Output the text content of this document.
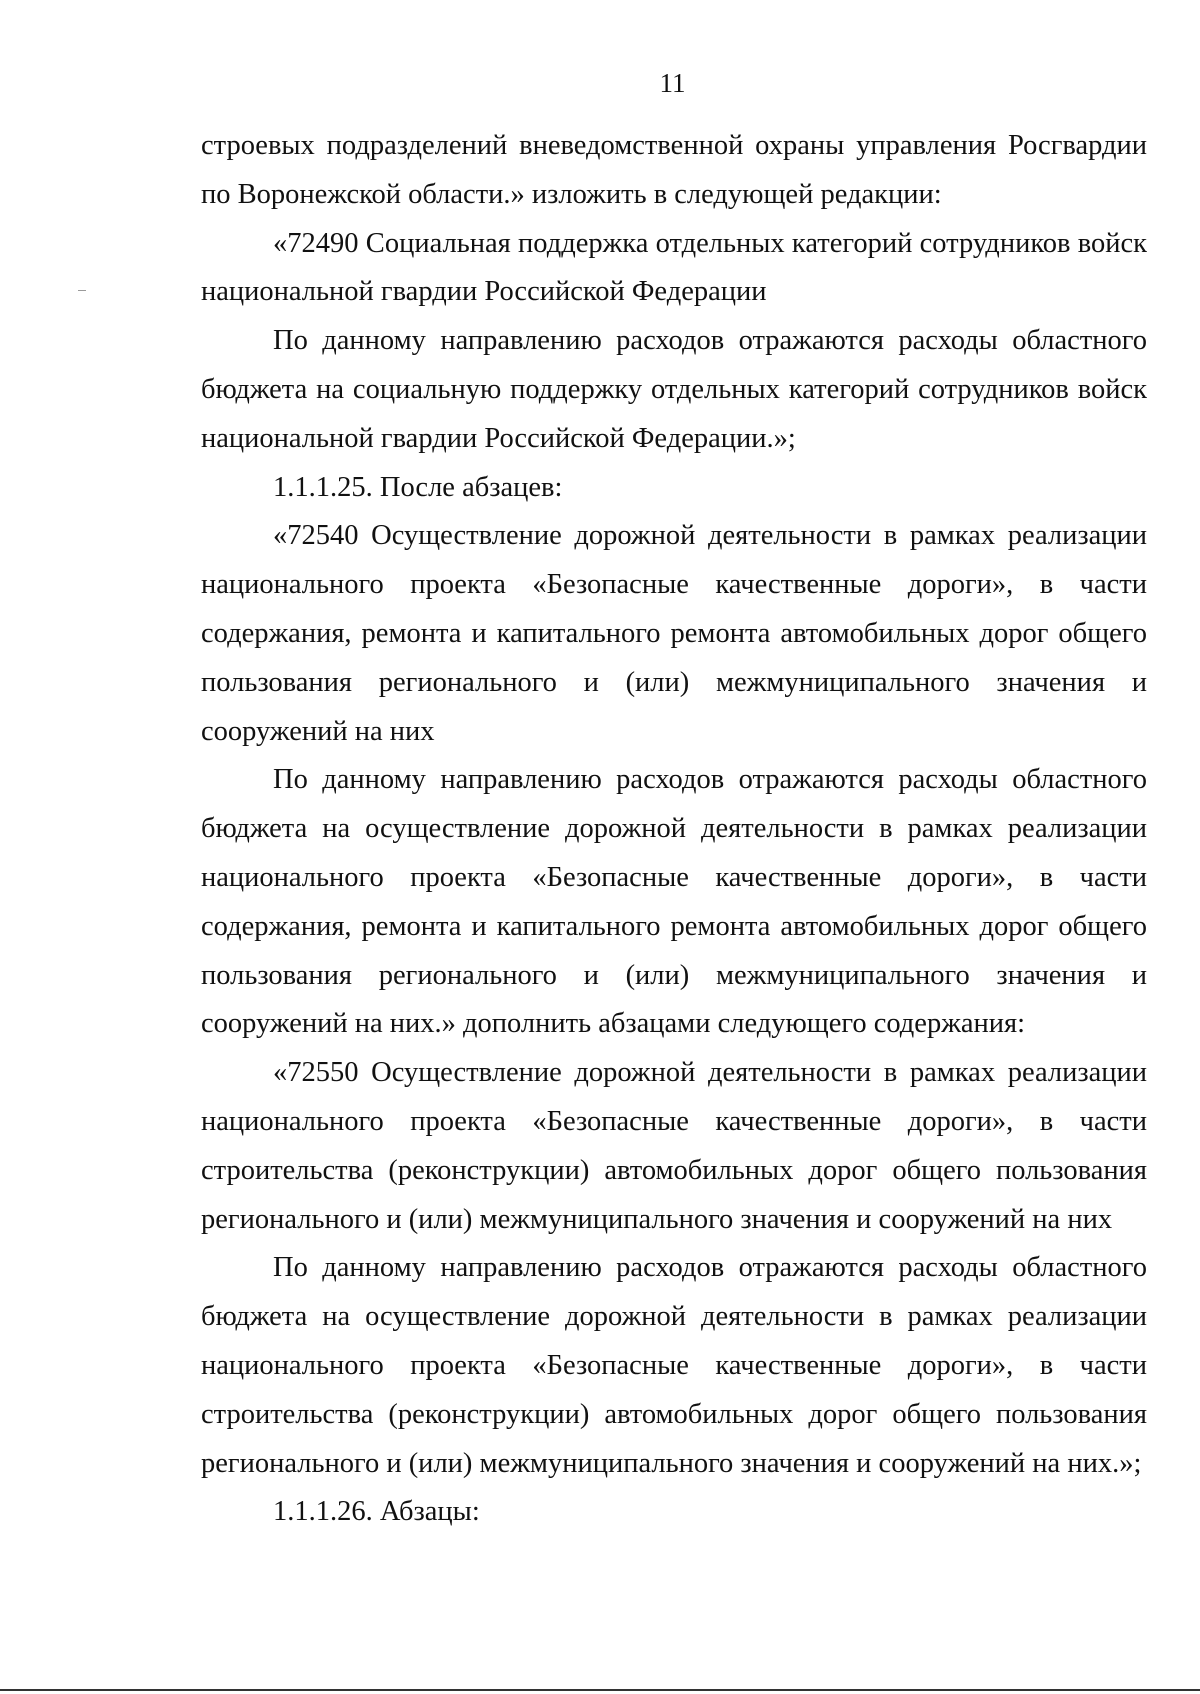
11

строевых подразделений вневедомственной охраны управления Росгвардии по Воронежской области.» изложить в следующей редакции:

«72490 Социальная поддержка отдельных категорий сотрудников войск национальной гвардии Российской Федерации

По данному направлению расходов отражаются расходы областного бюджета на социальную поддержку отдельных категорий сотрудников войск национальной гвардии Российской Федерации.»;

1.1.1.25. После абзацев:

«72540 Осуществление дорожной деятельности в рамках реализации национального проекта «Безопасные качественные дороги», в части содержания, ремонта и капитального ремонта автомобильных дорог общего пользования регионального и (или) межмуниципального значения и сооружений на них

По данному направлению расходов отражаются расходы областного бюджета на осуществление дорожной деятельности в рамках реализации национального проекта «Безопасные качественные дороги», в части содержания, ремонта и капитального ремонта автомобильных дорог общего пользования регионального и (или) межмуниципального значения и сооружений на них.» дополнить абзацами следующего содержания:

«72550 Осуществление дорожной деятельности в рамках реализации национального проекта «Безопасные качественные дороги», в части строительства (реконструкции) автомобильных дорог общего пользования регионального и (или) межмуниципального значения и сооружений на них

По данному направлению расходов отражаются расходы областного бюджета на осуществление дорожной деятельности в рамках реализации национального проекта «Безопасные качественные дороги», в части строительства (реконструкции) автомобильных дорог общего пользования регионального и (или) межмуниципального значения и сооружений на них.»;

1.1.1.26. Абзацы:
